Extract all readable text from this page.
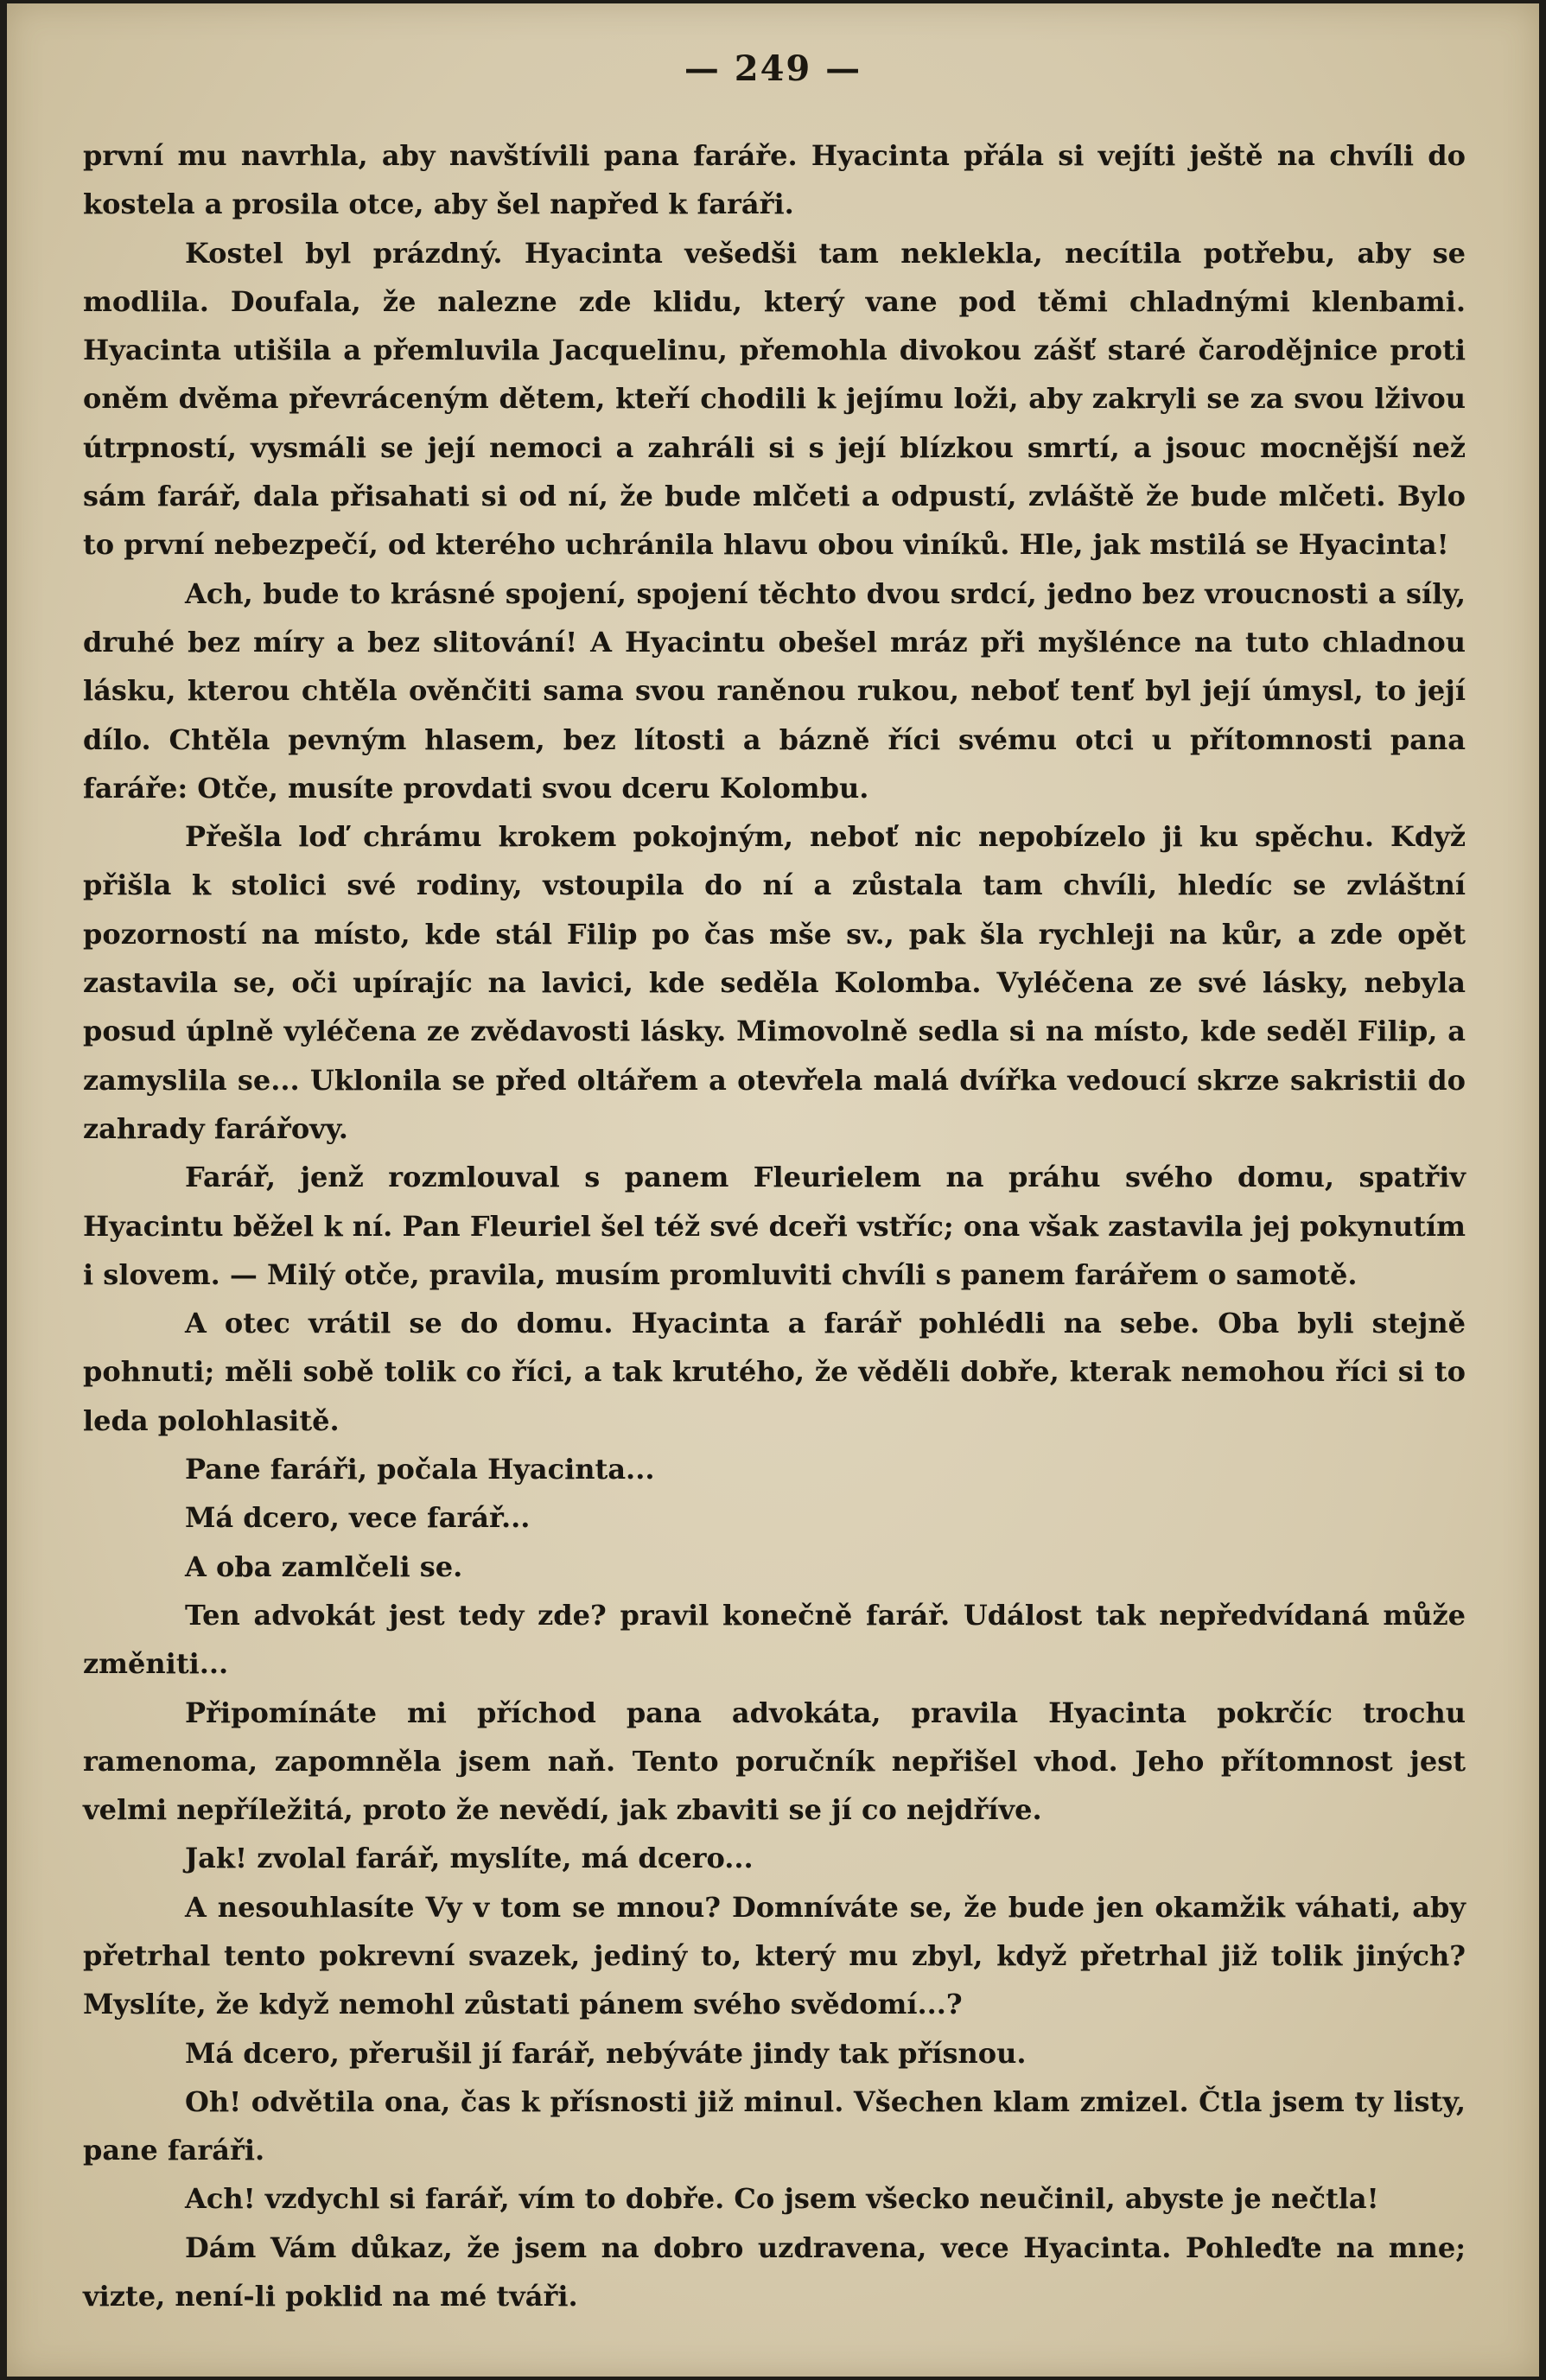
— 249 —

první mu navrhla, aby navštívili pana faráře. Hyacinta přála si vejíti ještě na chvíli do kostela a prosila otce, aby šel napřed k faráři.

Kostel byl prázdný. Hyacinta vešedši tam neklekla, necítila potřebu, aby se modlila. Doufala, že nalezne zde klidu, který vane pod těmi chladnými klenbami. Hyacinta utišila a přemluvila Jacquelinu, přemohla divokou zášť staré čarodějnice proti oněm dvěma převráceným dětem, kteří chodili k jejímu loži, aby zakryli se za svou lživou útrpností, vysmáli se její nemoci a zahráli si s její blízkou smrtí, a jsouc mocnější než sám farář, dala přisahati si od ní, že bude mlčeti a odpustí, zvláště že bude mlčeti. Bylo to první nebezpečí, od kterého uchránila hlavu obou viníků. Hle, jak mstilá se Hyacinta!

Ach, bude to krásné spojení, spojení těchto dvou srdcí, jedno bez vroucnosti a síly, druhé bez míry a bez slitování! A Hyacintu obešel mráz při myšlénce na tuto chladnou lásku, kterou chtěla ověnčiti sama svou raněnou rukou, neboť tenť byl její úmysl, to její dílo. Chtěla pevným hlasem, bez lítosti a bázně říci svému otci u přítomnosti pana faráře: Otče, musíte provdati svou dceru Kolombu.

Přešla loď chrámu krokem pokojným, neboť nic nepobízelo ji ku spěchu. Když přišla k stolici své rodiny, vstoupila do ní a zůstala tam chvíli, hledíc se zvláštní pozorností na místo, kde stál Filip po čas mše sv., pak šla rychleji na kůr, a zde opět zastavila se, oči upírajíc na lavici, kde seděla Kolomba. Vyléčena ze své lásky, nebyla posud úplně vyléčena ze zvědavosti lásky. Mimovolně sedla si na místo, kde seděl Filip, a zamyslila se... Uklonila se před oltářem a otevřela malá dvířka vedoucí skrze sakristii do zahrady farářovy.

Farář, jenž rozmlouval s panem Fleurielem na práhu svého domu, spatřiv Hyacintu běžel k ní. Pan Fleuriel šel též své dceři vstříc; ona však zastavila jej pokynutím i slovem. — Milý otče, pravila, musím promluviti chvíli s panem farářem o samotě.

A otec vrátil se do domu. Hyacinta a farář pohlédli na sebe. Oba byli stejně pohnuti; měli sobě tolik co říci, a tak krutého, že věděli dobře, kterak nemohou říci si to leda polohlasitě.

Pane faráři, počala Hyacinta...

Má dcero, vece farář...

A oba zamlčeli se.

Ten advokát jest tedy zde? pravil konečně farář. Událost tak nepředvídaná může změniti...

Připomínáte mi příchod pana advokáta, pravila Hyacinta pokrčíc trochu ramenoma, zapomněla jsem naň. Tento poručník nepřišel vhod. Jeho přítomnost jest velmi nepříležitá, proto že nevědí, jak zbaviti se jí co nejdříve.

Jak! zvolal farář, myslíte, má dcero...

A nesouhlasíte Vy v tom se mnou? Domníváte se, že bude jen okamžik váhati, aby přetrhal tento pokrevní svazek, jediný to, který mu zbyl, když přetrhal již tolik jiných? Myslíte, že když nemohl zůstati pánem svého svědomí...?

Má dcero, přerušil jí farář, nebýváte jindy tak přísnou.

Oh! odvětila ona, čas k přísnosti již minul. Všechen klam zmizel. Čtla jsem ty listy, pane faráři.

Ach! vzdychl si farář, vím to dobře. Co jsem všecko neučinil, abyste je nečtla!

Dám Vám důkaz, že jsem na dobro uzdravena, vece Hyacinta. Pohleďte na mne; vizte, není-li poklid na mé tváři.
